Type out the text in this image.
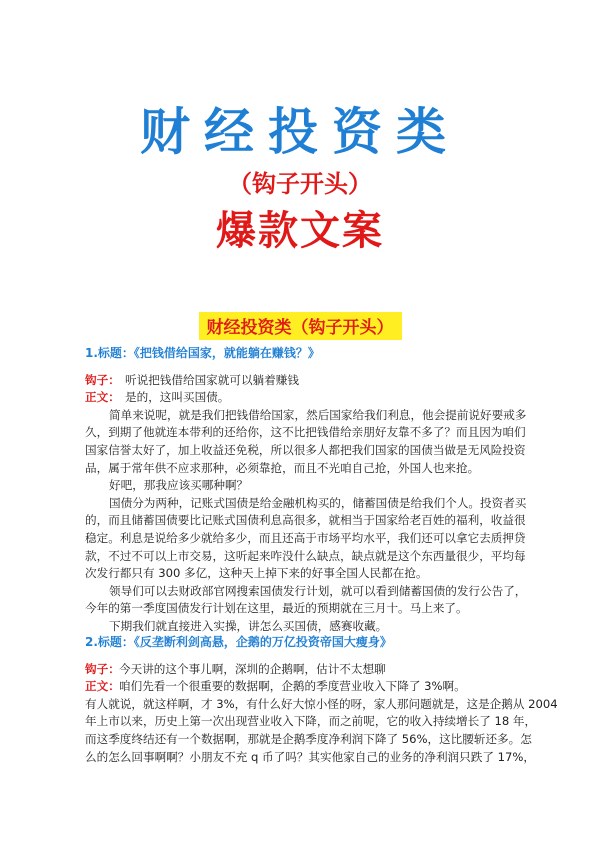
财经投资类

（钩子开头）

爆款文案

财经投资类（钩子开头）

1.标题：《把钱借给国家，就能躺在赚钱？》

钩子： 听说把钱借给国家就可以躺着赚钱

正文： 是的，这叫买国债。

简单来说呢，就是我们把钱借给国家，然后国家给我们利息，他会提前说好要戒多

久，到期了他就连本带利的还给你，这不比把钱借给亲朋好友靠不多了？而且因为咱们

国家信誉太好了，加上收益还免税，所以很多人都把我们国家的国债当做是无风险投资

品，属于常年供不应求那种，必须靠抢，而且不光咱自己抢，外国人也来抢。

好吧，那我应该买哪种啊？

国债分为两种，记账式国债是给金融机构买的，储蓄国债是给我们个人。投资者买

的，而且储蓄国债要比记账式国债利息高很多，就相当于国家给老百姓的福利，收益很

稳定。利息是说给多少就给多少，而且还高于市场平均水平，我们还可以拿它去质押贷

款，不过不可以上市交易，这听起来咋没什么缺点，缺点就是这个东西量很少，平均每

次发行都只有 300 多亿，这种天上掉下来的好事全国人民都在抢。

领导们可以去财政部官网搜索国债发行计划，就可以看到储蓄国债的发行公告了，

今年的第一季度国债发行计划在这里，最近的预期就在三月十。马上来了。

下期我们就直接进入实操，讲怎么买国债，感赛收藏。

2.标题：《反垄断利剑高悬，企鹅的万亿投资帝国大瘦身》

钩子：今天讲的这个事儿啊，深圳的企鹅啊，估计不太想聊

正文：咱们先看一个很重要的数据啊，企鹅的季度营业收入下降了 3%啊。

有人就说，就这样啊，才 3%，有什么好大惊小怪的呀，家人那问题就是，这是企鹅从 2004

年上市以来，历史上第一次出现营业收入下降，而之前呢，它的收入持续增长了 18 年，

而这季度终结还有一个数据啊，那就是企鹅季度净利润下降了 56%，这比腰斩还多。怎

么的怎么回事啊啊？小朋友不充 q 币了吗？其实他家自己的业务的净利润只跌了 17%，
